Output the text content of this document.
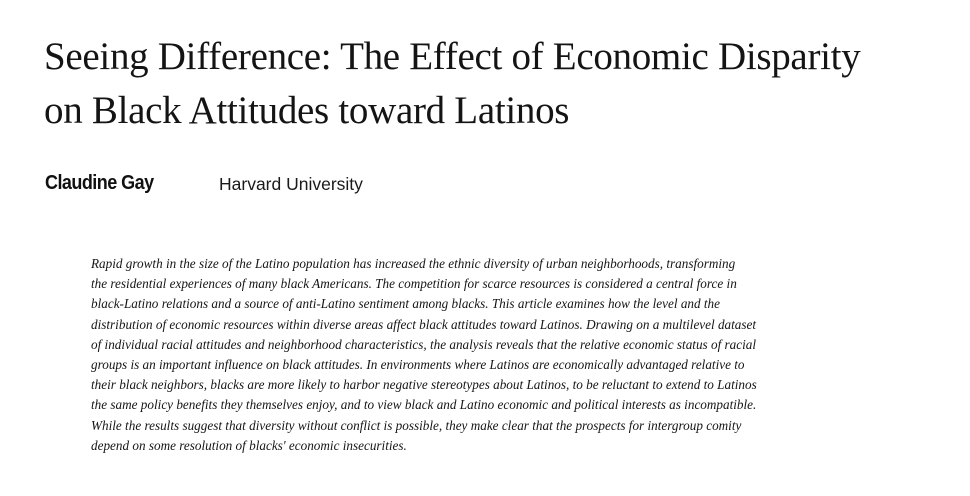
Seeing Difference: The Effect of Economic Disparity
on Black Attitudes toward Latinos
Claudine Gay	Harvard University
Rapid growth in the size of the Latino population has increased the ethnic diversity of urban neighborhoods, transforming
the residential experiences of many black Americans. The competition for scarce resources is considered a central force in
black-Latino relations and a source of anti-Latino sentiment among blacks. This article examines how the level and the
distribution of economic resources within diverse areas affect black attitudes toward Latinos. Drawing on a multilevel dataset
of individual racial attitudes and neighborhood characteristics, the analysis reveals that the relative economic status of racial
groups is an important influence on black attitudes. In environments where Latinos are economically advantaged relative to
their black neighbors, blacks are more likely to harbor negative stereotypes about Latinos, to be reluctant to extend to Latinos
the same policy benefits they themselves enjoy, and to view black and Latino economic and political interests as incompatible.
While the results suggest that diversity without conflict is possible, they make clear that the prospects for intergroup comity
depend on some resolution of blacks' economic insecurities.
